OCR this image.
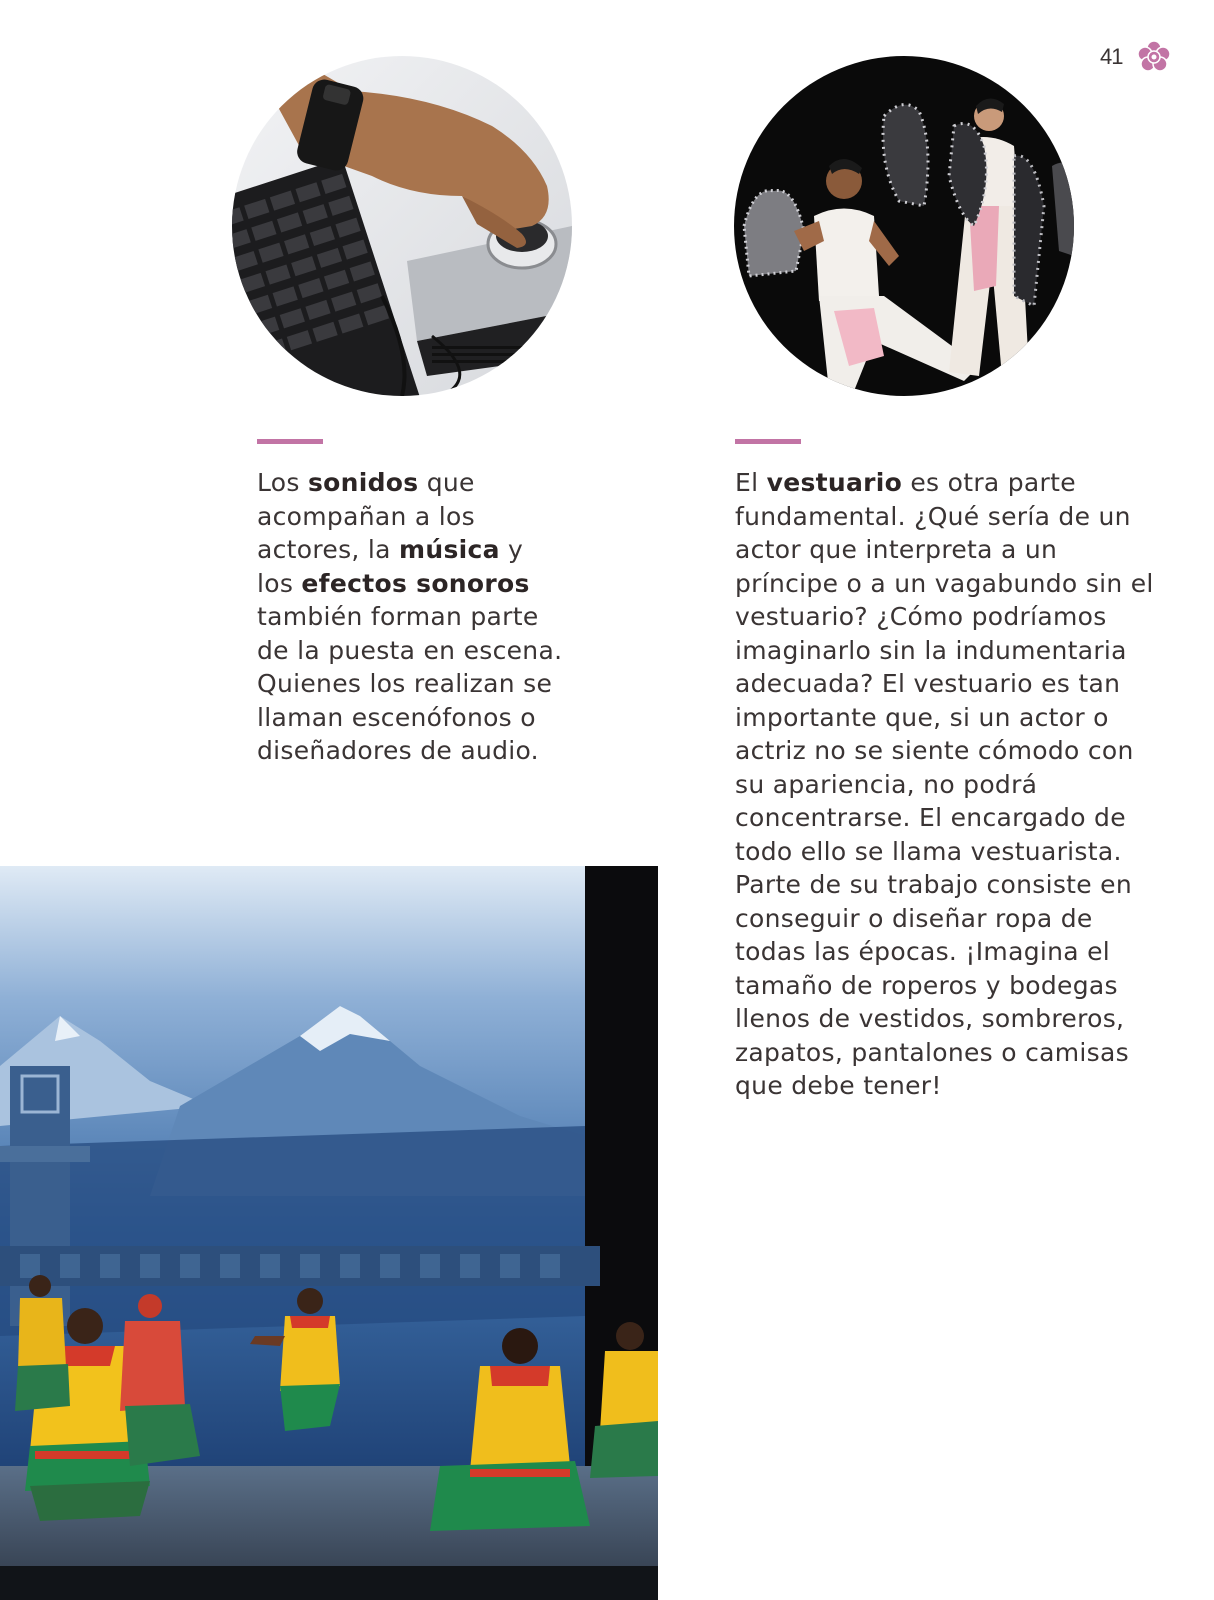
41

Los sonidos que acompañan a los actores, la música y los efectos sonoros también forman parte de la puesta en escena. Quienes los realizan se llaman escenófonos o diseñadores de audio.

El vestuario es otra parte fundamental. ¿Qué sería de un actor que interpreta a un príncipe o a un vagabundo sin el vestuario? ¿Cómo podríamos imaginarlo sin la indumentaria adecuada? El vestuario es tan importante que, si un actor o actriz no se siente cómodo con su apariencia, no podrá concentrarse. El encargado de todo ello se llama vestuarista. Parte de su trabajo consiste en conseguir o diseñar ropa de todas las épocas. ¡Imagina el tamaño de roperos y bodegas llenos de vestidos, sombreros, zapatos, pantalones o camisas que debe tener!
